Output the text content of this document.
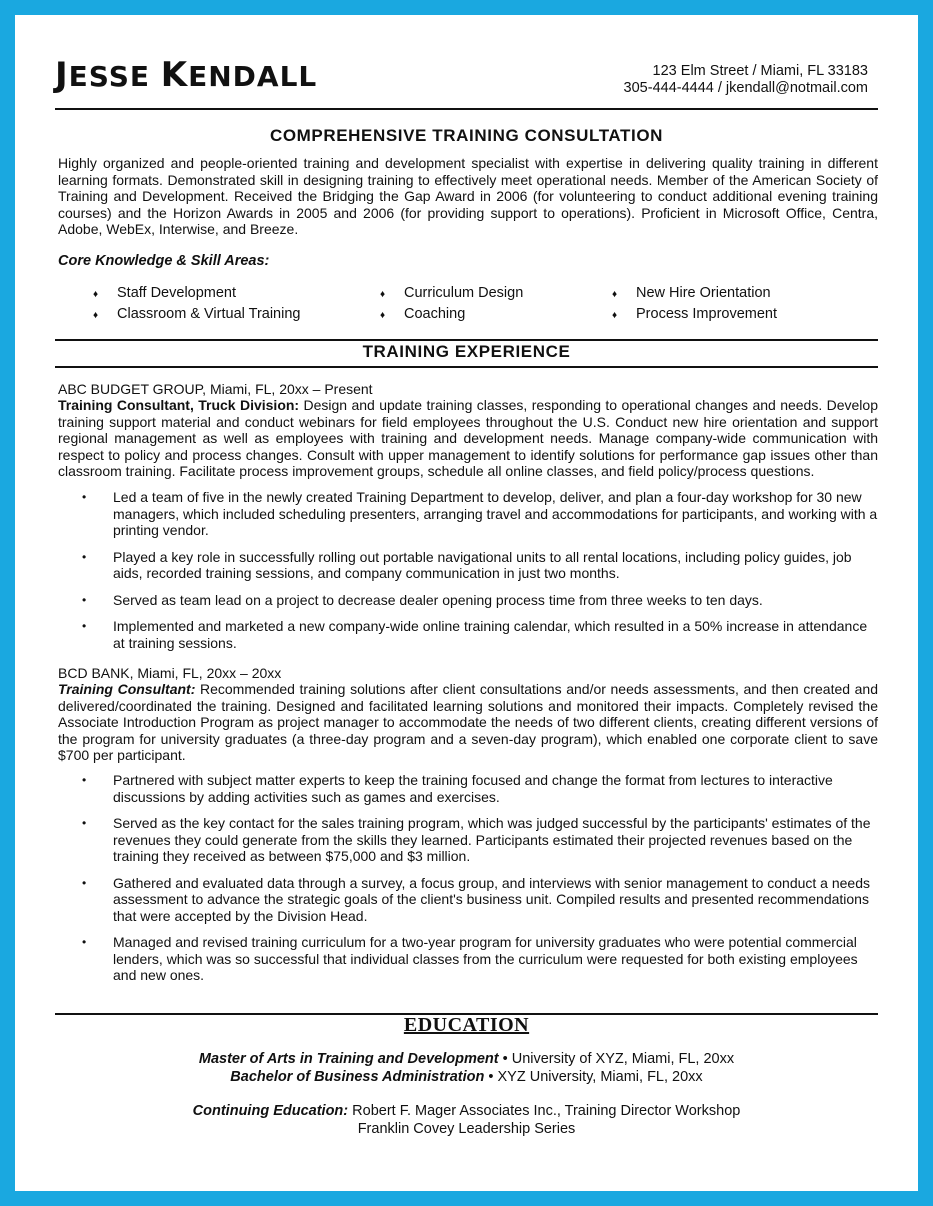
JESSE KENDALL	123 Elm Street / Miami, FL 33183
305-444-4444 / jkendall@notmail.com
COMPREHENSIVE TRAINING CONSULTATION
Highly organized and people-oriented training and development specialist with expertise in delivering quality training in different learning formats. Demonstrated skill in designing training to effectively meet operational needs. Member of the American Society of Training and Development. Received the Bridging the Gap Award in 2006 (for volunteering to conduct additional evening training courses) and the Horizon Awards in 2005 and 2006 (for providing support to operations). Proficient in Microsoft Office, Centra, Adobe, WebEx, Interwise, and Breeze.
Core Knowledge & Skill Areas:
♦ Staff Development	♦ Curriculum Design	♦ New Hire Orientation
♦ Classroom & Virtual Training	♦ Coaching	♦ Process Improvement
TRAINING EXPERIENCE
ABC BUDGET GROUP, Miami, FL, 20xx – Present
Training Consultant, Truck Division: Design and update training classes, responding to operational changes and needs. Develop training support material and conduct webinars for field employees throughout the U.S. Conduct new hire orientation and support regional management as well as employees with training and development needs. Manage company-wide communication with respect to policy and process changes. Consult with upper management to identify solutions for performance gap issues other than classroom training. Facilitate process improvement groups, schedule all online classes, and field policy/process questions.
• Led a team of five in the newly created Training Department to develop, deliver, and plan a four-day workshop for 30 new managers, which included scheduling presenters, arranging travel and accommodations for participants, and working with a printing vendor.
• Played a key role in successfully rolling out portable navigational units to all rental locations, including policy guides, job aids, recorded training sessions, and company communication in just two months.
• Served as team lead on a project to decrease dealer opening process time from three weeks to ten days.
• Implemented and marketed a new company-wide online training calendar, which resulted in a 50% increase in attendance at training sessions.
BCD BANK, Miami, FL, 20xx – 20xx
Training Consultant: Recommended training solutions after client consultations and/or needs assessments, and then created and delivered/coordinated the training. Designed and facilitated learning solutions and monitored their impacts. Completely revised the Associate Introduction Program as project manager to accommodate the needs of two different clients, creating different versions of the program for university graduates (a three-day program and a seven-day program), which enabled one corporate client to save $700 per participant.
• Partnered with subject matter experts to keep the training focused and change the format from lectures to interactive discussions by adding activities such as games and exercises.
• Served as the key contact for the sales training program, which was judged successful by the participants' estimates of the revenues they could generate from the skills they learned. Participants estimated their projected revenues based on the training they received as between $75,000 and $3 million.
• Gathered and evaluated data through a survey, a focus group, and interviews with senior management to conduct a needs assessment to advance the strategic goals of the client's business unit. Compiled results and presented recommendations that were accepted by the Division Head.
• Managed and revised training curriculum for a two-year program for university graduates who were potential commercial lenders, which was so successful that individual classes from the curriculum were requested for both existing employees and new ones.
EDUCATION
Master of Arts in Training and Development • University of XYZ, Miami, FL, 20xx
Bachelor of Business Administration • XYZ University, Miami, FL, 20xx
Continuing Education: Robert F. Mager Associates Inc., Training Director Workshop
Franklin Covey Leadership Series
